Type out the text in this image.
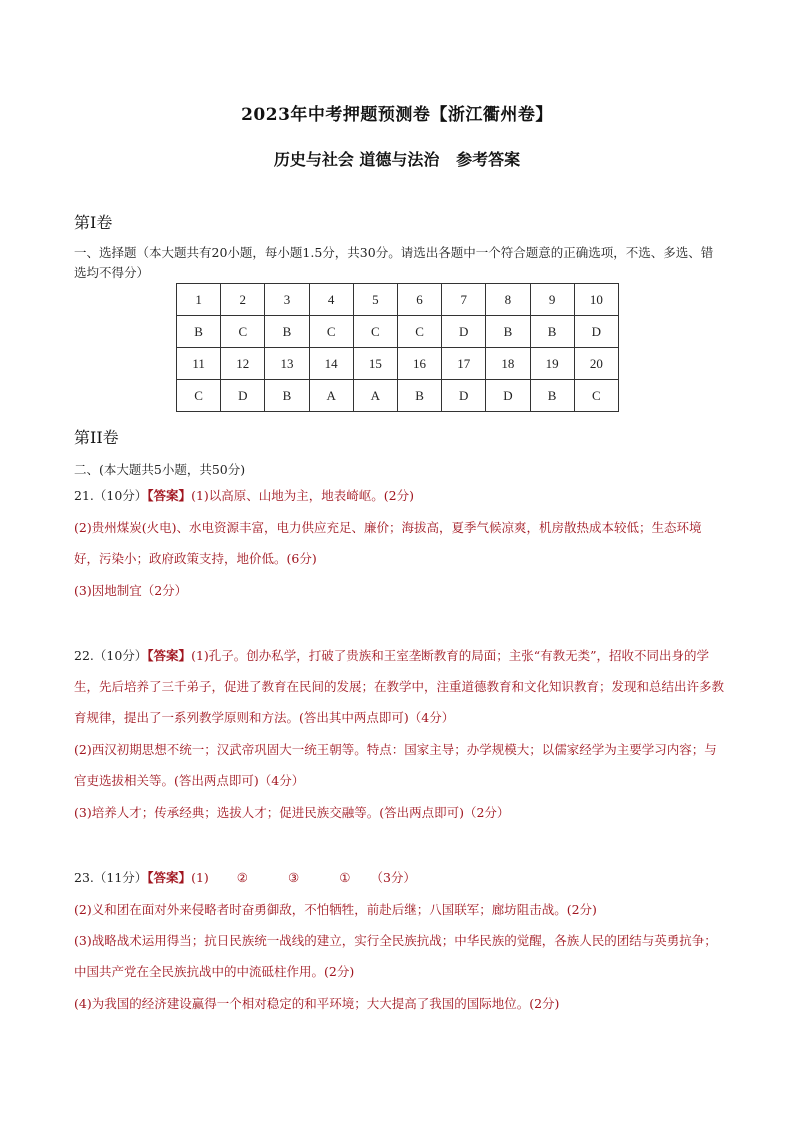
2023年中考押题预测卷【浙江衢州卷】
历史与社会 道德与法治   参考答案
第Ⅰ卷
一、选择题（本大题共有20小题，每小题1.5分，共30分。请选出各题中一个符合题意的正确选项，不选、多选、错选均不得分）
1	2	3	4	5	6	7	8	9	10
B	C	B	C	C	C	D	B	B	D
11	12	13	14	15	16	17	18	19	20
C	D	B	A	A	B	D	D	B	C
第II卷
二、(本大题共5小题，共50分)
21.（10分）【答案】(1)以高原、山地为主，地表崎岖。(2分)
(2)贵州煤炭(火电)、水电资源丰富，电力供应充足、廉价；海拔高，夏季气候凉爽，机房散热成本较低；生态环境好，污染小；政府政策支持，地价低。(6分)
(3)因地制宜（2分）
22.（10分）【答案】(1)孔子。创办私学，打破了贵族和王室垄断教育的局面；主张“有教无类”，招收不同出身的学生，先后培养了三千弟子，促进了教育在民间的发展；在教学中，注重道德教育和文化知识教育；发现和总结出许多教育规律，提出了一系列教学原则和方法。(答出其中两点即可)（4分）
(2)西汉初期思想不统一；汉武帝巩固大一统王朝等。特点：国家主导；办学规模大；以儒家经学为主要学习内容；与官吏选拔相关等。(答出两点即可)（4分）
(3)培养人才；传承经典；选拔人才；促进民族交融等。(答出两点即可)（2分）
23.（11分）【答案】(1) ②	③	① （3分）
(2)义和团在面对外来侵略者时奋勇御敌，不怕牺牲，前赴后继；八国联军；廊坊阻击战。(2分)
(3)战略战术运用得当；抗日民族统一战线的建立，实行全民族抗战；中华民族的觉醒，各族人民的团结与英勇抗争；中国共产党在全民族抗战中的中流砥柱作用。(2分)
(4)为我国的经济建设赢得一个相对稳定的和平环境；大大提高了我国的国际地位。(2分)
